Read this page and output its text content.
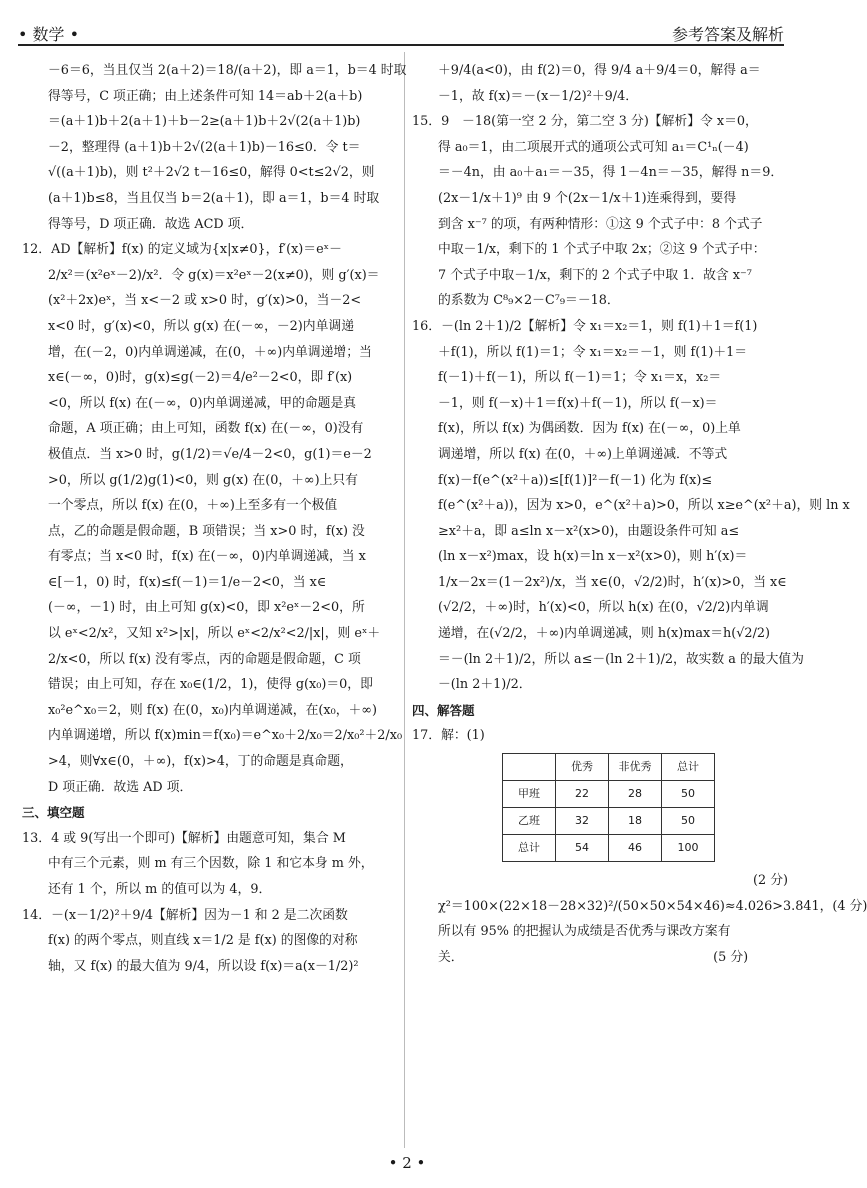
• 数学 •	参考答案及解析
－6＝6，当且仅当 2(a＋2)＝18/(a＋2)，即 a＝1，b＝4 时取
得等号，C 项正确；由上述条件可知 14＝ab＋2(a＋b)
＝(a＋1)b＋2(a＋1)＋b－2≥(a＋1)b＋2√(2(a＋1)b)
－2，整理得 (a＋1)b＋2√(2(a＋1)b)－16≤0．令 t＝
√((a＋1)b)，则 t²＋2√2 t－16≤0，解得 0<t≤2√2，则
(a＋1)b≤8，当且仅当 b＝2(a＋1)，即 a＝1，b＝4 时取
得等号，D 项正确．故选 ACD 项．
12．AD【解析】f(x) 的定义域为{x|x≠0}，f′(x)＝eˣ－
2/x²＝(x²eˣ－2)/x²．令 g(x)＝x²eˣ－2(x≠0)，则 g′(x)＝
(x²＋2x)eˣ，当 x<－2 或 x>0 时，g′(x)>0，当－2<
x<0 时，g′(x)<0，所以 g(x) 在(－∞，－2)内单调递
增，在(－2，0)内单调递减，在(0，＋∞)内单调递增；当
x∈(－∞，0)时，g(x)≤g(－2)＝4/e²－2<0，即 f′(x)
<0，所以 f(x) 在(－∞，0)内单调递减，甲的命题是真
命题，A 项正确；由上可知，函数 f(x) 在(－∞，0)没有
极值点．当 x>0 时，g(1/2)＝√e/4－2<0，g(1)＝e－2
>0，所以 g(1/2)g(1)<0，则 g(x) 在(0，＋∞)上只有
一个零点，所以 f(x) 在(0，＋∞)上至多有一个极值
点，乙的命题是假命题，B 项错误；当 x>0 时，f(x) 没
有零点；当 x<0 时，f(x) 在(－∞，0)内单调递减，当 x
∈[－1，0) 时，f(x)≤f(－1)＝1/e－2<0，当 x∈
(－∞，－1) 时，由上可知 g(x)<0，即 x²eˣ－2<0，所
以 eˣ<2/x²，又知 x²>|x|，所以 eˣ<2/x²<2/|x|，则 eˣ＋
2/x<0，所以 f(x) 没有零点，丙的命题是假命题，C 项
错误；由上可知，存在 x₀∈(1/2，1)，使得 g(x₀)＝0，即
x₀²e^x₀＝2，则 f(x) 在(0，x₀)内单调递减，在(x₀，＋∞)
内单调递增，所以 f(x)min＝f(x₀)＝e^x₀＋2/x₀＝2/x₀²＋2/x₀
>4，则∀x∈(0，＋∞)，f(x)>4，丁的命题是真命题，
D 项正确．故选 AD 项．
三、填空题
13．4 或 9(写出一个即可)【解析】由题意可知，集合 M
中有三个元素，则 m 有三个因数，除 1 和它本身 m 外，
还有 1 个，所以 m 的值可以为 4，9．
14．－(x－1/2)²＋9/4【解析】因为－1 和 2 是二次函数
f(x) 的两个零点，则直线 x＝1/2 是 f(x) 的图像的对称
轴，又 f(x) 的最大值为 9/4，所以设 f(x)＝a(x－1/2)²
＋9/4(a<0)，由 f(2)＝0，得 9/4 a＋9/4＝0，解得 a＝
－1，故 f(x)＝－(x－1/2)²＋9/4．
15．9　－18(第一空 2 分，第二空 3 分)【解析】令 x＝0，
得 a₀＝1，由二项展开式的通项公式可知 a₁＝C¹ₙ(－4)
＝－4n，由 a₀＋a₁＝－35，得 1－4n＝－35，解得 n＝9．
(2x－1/x＋1)⁹ 由 9 个(2x－1/x＋1)连乘得到，要得
到含 x⁻⁷ 的项，有两种情形：①这 9 个式子中：8 个式子
中取－1/x，剩下的 1 个式子中取 2x；②这 9 个式子中：
7 个式子中取－1/x，剩下的 2 个式子中取 1．故含 x⁻⁷
的系数为 C⁸₉×2－C⁷₉＝－18．
16．－(ln 2＋1)/2【解析】令 x₁＝x₂＝1，则 f(1)＋1＝f(1)
＋f(1)，所以 f(1)＝1；令 x₁＝x₂＝－1，则 f(1)＋1＝
f(－1)＋f(－1)，所以 f(－1)＝1；令 x₁＝x，x₂＝
－1，则 f(－x)＋1＝f(x)＋f(－1)，所以 f(－x)＝
f(x)，所以 f(x) 为偶函数．因为 f(x) 在(－∞，0)上单
调递增，所以 f(x) 在(0，＋∞)上单调递减．不等式
f(x)－f(e^(x²＋a))≤[f(1)]²－f(－1) 化为 f(x)≤
f(e^(x²＋a))，因为 x>0，e^(x²＋a)>0，所以 x≥e^(x²＋a)，则 ln x
≥x²＋a，即 a≤ln x－x²(x>0)，由题设条件可知 a≤
(ln x－x²)max，设 h(x)＝ln x－x²(x>0)，则 h′(x)＝
1/x－2x＝(1－2x²)/x，当 x∈(0，√2/2)时，h′(x)>0，当 x∈
(√2/2，＋∞)时，h′(x)<0，所以 h(x) 在(0，√2/2)内单调
递增，在(√2/2，＋∞)内单调递减，则 h(x)max＝h(√2/2)
＝－(ln 2＋1)/2，所以 a≤－(ln 2＋1)/2，故实数 a 的最大值为
－(ln 2＋1)/2．
四、解答题
17．解：(1)
	优秀	非优秀	总计
甲班	22	28	50
乙班	32	18	50
总计	54	46	100
(2 分)
χ²＝100×(22×18－28×32)²/(50×50×54×46)≈4.026>3.841，(4 分)
所以有 95% 的把握认为成绩是否优秀与课改方案有
关．　　　　　　　　　　　　　　　　　　　　(5 分)
• 2 •
